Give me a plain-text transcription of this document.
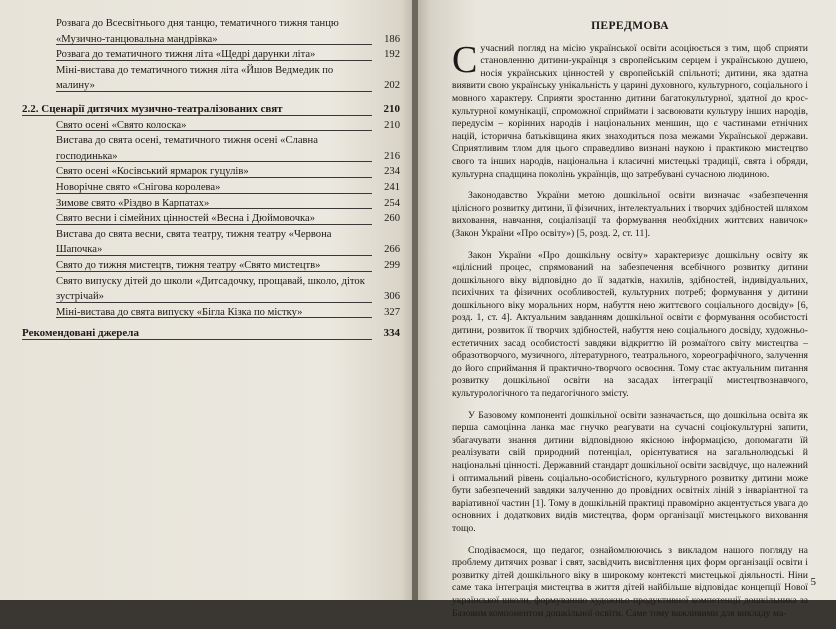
Розвага до Всесвітнього дня танцю, тематичного тижня танцю «Музично-танцювальна мандрівка»	186
Розвага до тематичного тижня літа «Щедрі дарунки літа»	192
Міні-вистава до тематичного тижня літа «Йшов Ведмедик по малину»	202
2.2. Сценарії дитячих музично-театралізованих свят	210
Свято осені «Свято колоска»	210
Вистава до свята осені, тематичного тижня осені «Славна господинька»	216
Свято осені «Косівський ярмарок гуцулів»	234
Новорічне свято «Снігова королева»	241
Зимове свято «Різдво в Карпатах»	254
Свято весни і сімейних цінностей «Весна і Дюймовочка»	260
Вистава до свята весни, свята театру, тижня театру «Червона Шапочка»	266
Свято до тижня мистецтв, тижня театру «Свято мистецтв»	299
Свято випуску дітей до школи «Дитсадочку, прощавай, школо, діток зустрічай»	306
Міні-вистава до свята випуску «Бігла Кізка по містку»	327
Рекомендовані джерела	334
ПЕРЕДМОВА

Сучасний погляд на місію української освіти асоціюється з тим, щоб сприяти становленню дитини-українця з європейським серцем і українською душею, носія українських цінностей у європейській спільноті; дитини, яка здатна виявити свою українську унікальність у царині духовного, культурного, соціального і мовного характеру. Сприяти зростанню дитини багатокультурної, здатної до крос-культурної комунікації, спроможної сприймати і засвоювати культуру інших народів, передусім – корінних народів і національних меншин, що є частинами етнічних націй, історична батьківщина яких знаходиться поза межами Української держави. Сприятливим тлом для цього справедливо визнані наукою і практикою мистецтво свого та інших народів, національна і класичні мистецькі традиції, свята і обряди, культурна спадщина поколінь українців, що затребувані сучасною людиною.

Законодавство України метою дошкільної освіти визначає «забезпечення цілісного розвитку дитини, її фізичних, інтелектуальних і творчих здібностей шляхом виховання, навчання, соціалізації та формування необхідних життєвих навичок» (Закон України «Про освіту») [5, розд. 2, ст. 11].

Закон України «Про дошкільну освіту» характеризує дошкільну освіту як «цілісний процес, спрямований на забезпечення всебічного розвитку дитини дошкільного віку відповідно до її задатків, нахилів, здібностей, індивідуальних, психічних та фізичних особливостей, культурних потреб; формування у дитини дошкільного віку моральних норм, набуття нею життєвого соціального досвіду» [6, розд. 1, ст. 4]. Актуальним завданням дошкільної освіти є формування особистості дитини, розвиток її творчих здібностей, набуття нею соціального досвіду, художньо-естетичних засад особистості завдяки відкриттю їй розмаїтого світу мистецтва – образотворчого, музичного, літературного, театрального, хореографічного, залучення до його сприймання й практично-творчого освоєння. Тому стає актуальним питання розвитку дошкільної освіти на засадах інтеграції мистецтвознавчого, культурологічного та педагогічного змісту.

У Базовому компоненті дошкільної освіти зазначається, що дошкільна освіта як перша самоцінна ланка має гнучко реагувати на сучасні соціокультурні запити, збагачувати знання дитини відповідною якісною інформацією, допомагати їй реалізувати свій природний потенціал, орієнтуватися на загальнолюдські й національні цінності. Державний стандарт дошкільної освіти засвідчує, що належний і оптимальний рівень соціально-особистісного, культурного розвитку дитини може бути забезпечений завдяки залученню до провідних освітніх ліній з інваріантної та варіативної частин [1]. Тому в дошкільній практиці правомірно акцентується увага до основних і додаткових видів мистецтва, форм організації мистецького виховання тощо.

Сподіваємося, що педагог, ознайомлюючись з викладом нашого погляду на проблему дитячих розваг і свят, засвідчить висвітлення цих форм організації освіти і розвитку дітей дошкільного віку в широкому контексті мистецької діяльності. Ніни саме така інтеграція мистецтва в життя дітей найбільше відповідає концепції Нової української школи, формуванню художньо-продуктивної компетенції дошкільника за Базовим компонентом дошкільної освіти. Саме тому важливими для викладу ма-

5
